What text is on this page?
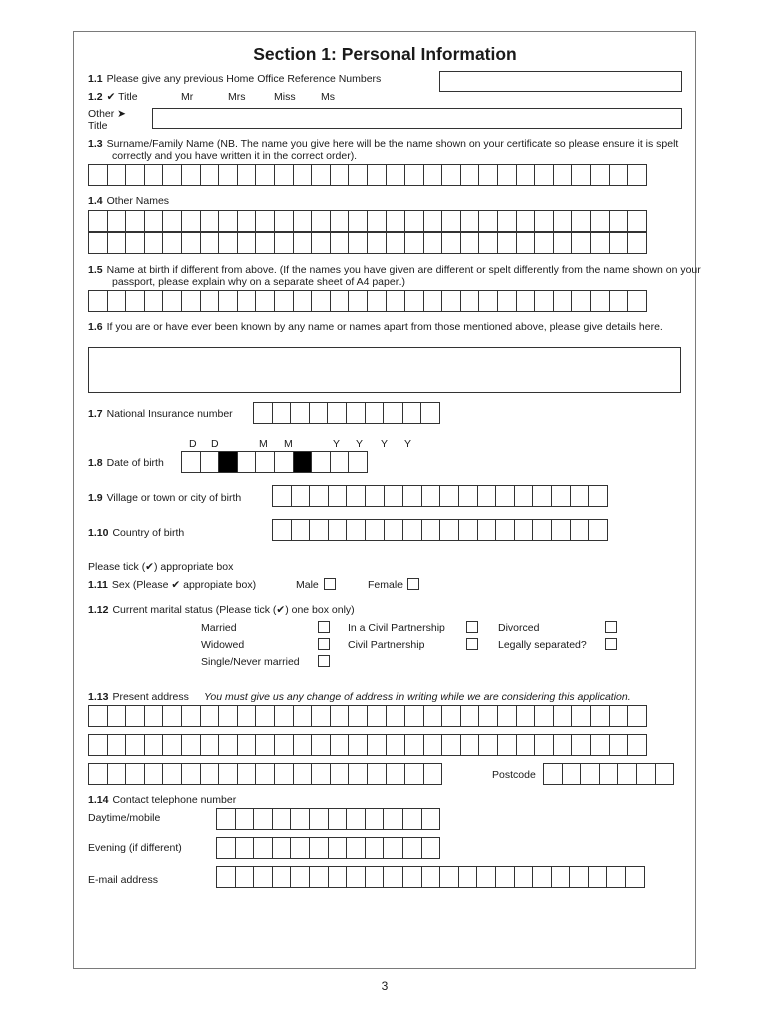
Section 1: Personal Information
1.1 Please give any previous Home Office Reference Numbers
1.2 ✔ Title	Mr	Mrs	Miss Ms
Other ➤
Title
1.3 Surname/Family Name (NB. The name you give here will be the name shown on your certificate so please ensure it is spelt correctly and you have written it in the correct order).
1.4 Other Names
1.5 Name at birth if different from above. (If the names you have given are different or spelt differently from the name shown on your passport, please explain why on a separate sheet of A4 paper.)
1.6 If you are or have ever been known by any name or names apart from those mentioned above, please give details here.
1.7 National Insurance number
D D	M M	Y Y Y Y
1.8 Date of birth
1.9 Village or town or city of birth
1.10 Country of birth
Please tick (✔) appropriate box
1.11 Sex (Please ✔ appropiate box)	Male	Female
1.12 Current marital status (Please tick (✔) one box only)
Married	In a Civil Partnership	Divorced
Widowed	Civil Partnership	Legally separated?
Single/Never married
1.13 Present address You must give us any change of address in writing while we are considering this application.
Postcode
1.14 Contact telephone number
Daytime/mobile
Evening (if different)
E-mail address
3
